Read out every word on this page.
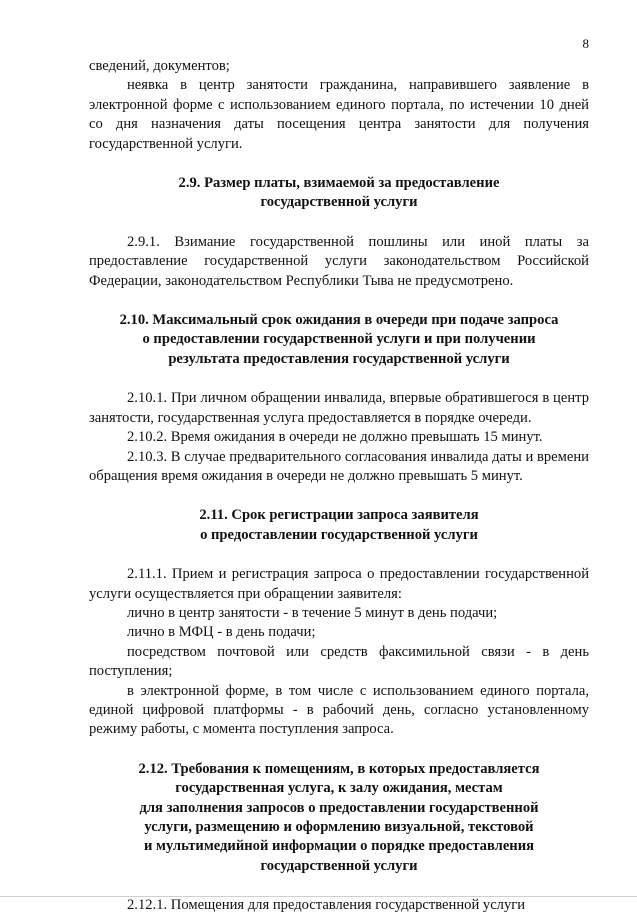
8

сведений, документов;

неявка в центр занятости гражданина, направившего заявление в электронной форме с использованием единого портала, по истечении 10 дней со дня назначения даты посещения центра занятости для получения государственной услуги.

2.9. Размер платы, взимаемой за предоставление

государственной услуги

2.9.1. Взимание государственной пошлины или иной платы за предоставление государственной услуги законодательством Российской Федерации, законодательством Республики Тыва не предусмотрено.

2.10. Максимальный срок ожидания в очереди при подаче запроса

о предоставлении государственной услуги и при получении

результата предоставления государственной услуги

2.10.1. При личном обращении инвалида, впервые обратившегося в центр занятости, государственная услуга предоставляется в порядке очереди.

2.10.2. Время ожидания в очереди не должно превышать 15 минут.

2.10.3. В случае предварительного согласования инвалида даты и времени обращения время ожидания в очереди не должно превышать 5 минут.

2.11. Срок регистрации запроса заявителя

о предоставлении государственной услуги

2.11.1. Прием и регистрация запроса о предоставлении государственной услуги осуществляется при обращении заявителя:

лично в центр занятости - в течение 5 минут в день подачи;

лично в МФЦ - в день подачи;

посредством почтовой или средств факсимильной связи - в день поступления;

в электронной форме, в том числе с использованием единого портала, единой цифровой платформы - в рабочий день, согласно установленному режиму работы, с момента поступления запроса.

2.12. Требования к помещениям, в которых предоставляется

государственная услуга, к залу ожидания, местам

для заполнения запросов о предоставлении государственной

услуги, размещению и оформлению визуальной, текстовой

и мультимедийной информации о порядке предоставления

государственной услуги

2.12.1. Помещения для предоставления государственной услуги
